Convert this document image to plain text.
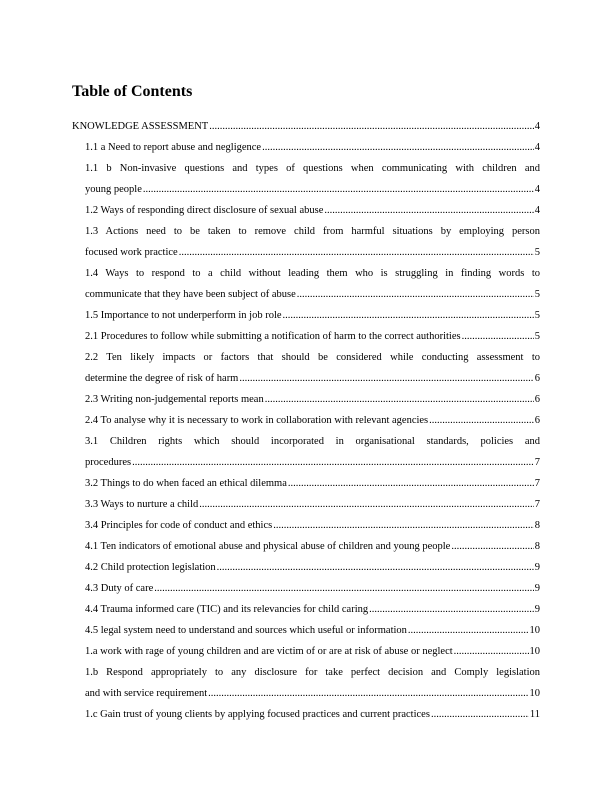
Table of Contents
KNOWLEDGE ASSESSMENT .....	4
1.1 a Need to report abuse and negligence .....	4
1.1 b Non-invasive questions and types of questions when communicating with children and
young people .....	4
1.2 Ways of responding direct disclosure of sexual abuse .....	4
1.3 Actions need to be taken to remove child from harmful situations by employing person
focused work practice .....	5
1.4 Ways to respond to a child without leading them who is struggling in finding words to
communicate that they have been subject of abuse .....	5
1.5 Importance to not underperform in job role .....	5
2.1 Procedures to follow while submitting a notification of harm to the correct authorities .....	5
2.2 Ten likely impacts or factors that should be considered while conducting assessment to
determine the degree of risk of harm .....	6
2.3 Writing non-judgemental reports mean .....	6
2.4 To analyse why it is necessary to work in collaboration with relevant agencies .....	6
3.1 Children rights which should incorporated in organisational standards, policies and
procedures .....	7
3.2 Things to do when faced an ethical dilemma .....	7
3.3 Ways to nurture a child .....	7
3.4 Principles for code of conduct and ethics .....	8
4.1 Ten indicators of emotional abuse and physical abuse of children and young people .....	8
4.2 Child protection legislation .....	9
4.3 Duty of care .....	9
4.4 Trauma informed care (TIC) and its relevancies for child caring .....	9
4.5 legal system need to understand and sources which useful or information .....	10
1.a work with rage of young children and are victim of or are at risk of abuse or neglect .....	10
1.b Respond appropriately to any disclosure for take perfect decision and Comply legislation
and with service requirement .....	10
1.c Gain trust of young clients by applying focused practices and current practices .....	11
